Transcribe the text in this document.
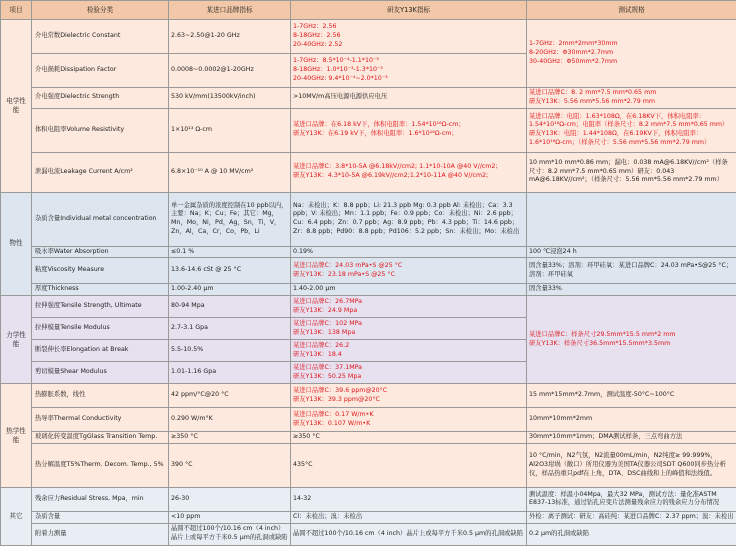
项目	检验分类	某进口品牌指标	研友Y13K指标	测试规格
电学性能	介电常数Dielectric Constant	2.63~2.50@1-20 GHz	1-7GHz：2.56
8-18GHz：2.56
20-40GHz: 2.52	1-7GHz：2mm*2mm*30mm
8-20GHz：Φ30mm*2.7mm
30-40GHz：Φ50mm*2.7mm

	介电损耗Dissipation Factor	0.0008~0.0002@1-20GHz	1-7GHz：8.5*10⁻⁴-1.1*10⁻³
8-18GHz：1.0*10⁻³-1.3*10⁻³
20-40GHz: 9.4*10⁻⁴~2.0*10⁻³	

	介电强度Dielectric Strength	530 kV/mm(13500kV/inch)	>10MV/m高压电源电源供应电压	某进口品牌C：8. 2 mm*7.5 mm*0.65 mm
研友Y13K：5.56 mm*5.56 mm*2.79 mm

	体积电阻率Volume Resistivity	1×10¹³ Ω-cm	某进口品牌：在6.18 kV下，体积电阻率：1.54*10¹⁶Ω-cm；
研友Y13K：在6.19 kV下，体积电阻率：1.6*10¹⁶Ω-cm；	某进口品牌：电阻：1.63*108Ω，在6.18KV下，体积电阻率：1.54*10¹⁶Ω-cm；电阻率（样条尺寸：8.2 mm*7.5 mm*0.65 mm）研友Y13K：电阻：1.44*108Ω，在6.19KV下，体积电阻率：1.6*10¹⁶Ω-cm；（样条尺寸：5.56 mm*5.56 mm*2.79 mm）
	泄漏电流Leakage Current A/cm²	6.8×10⁻¹⁰ A @ 10 MV/cm²	某进口品牌C：3.8*10-5A @6.18kV//cm2; 1.1*10-10A @40 V//cm2;
研友Y13K：4.3*10-5A @6.19kV//cm2;1.2*10-11A @40 V//cm2;	10 mm*10 mm*0.86 mm；漏电：0.038 mA@6.18KV//cm²（样条尺寸：8.2 mm*7.5 mm*0.65 mm）研友：0.043 mA@6.18KV//cm²；（样条尺寸：5.56 mm*5.56 mm*2.79 mm）
物性	杂质含量Individual metal concentration	单一金属杂质的浓度控制在10 ppb以内，主要：Na；K；Cu；Fe；其它：Mg，Mn，Mo，Ni，Pd，Ag，Sn，Ti，V，Zn，Al，Ca，Cr，Co，Pb，Li	Na：未检出；K：8.8 ppb；Li: 21.3 ppb Mg: 0.3 ppb Al: 未检出；Ca：3.3 ppb；V: 未检出；Mn：1.1 ppb；Fe：0.9 ppb；Co：未检出；Ni：2.6 ppb；Cu：6.4 ppb；Zn：0.7 ppb；Ag：8.9 ppb；Pb：4.3 ppb；Ti：14.6 ppb；Zr：8.8 ppb；Pd90：8.8 ppb；Pd106：5.2 ppb；Sn：未检出；Mo：未检出	
	吸水率Water Absorption	≤0.1 %	0.19%	100 ℃浸泡24 h
	粘度Viscosity Measure	13.6-14.6 cSt @ 25 °C	某进口品牌C：24.03 mPa•S @25 °C
研友Y13K：23.18 mPa•S @25 °C	固含量33%；溶剂：环甲硅氧：某进口品牌C：24.03 mPa•S@25 °C；溶剂：环甲硅氧
	厚度Thickness	1.00-2.40 μm	1.40-2.00 μm	固含量33%
力学性能	拉伸强度Tensile Strength, Ultimate	80-94 Mpa	某进口品牌C：26.7MPa
研友Y13K：24.9 Mpa	某进口品牌C：样条尺寸29.5mm*15.5 mm*2 mm
研友Y13K：样条尺寸36.5mm*15.5mm*3.5mm

	拉伸模量Tensile Modulus	2.7-3.1 Gpa	某进口品牌C：102 MPa
研友Y13K：138 Mpa	

	断裂伸长率Elongation at Break	5.5-10.5%	某进口品牌C：26.2
研友Y13K：18.4	

	剪切模量Shear Modulus	1.01-1.16 Gpa	某进口品牌C：37.1MPa
研友Y13K：50.25 Mpa	

热学性能	热膨胀系数，线性	42 ppm/°C@20 °C	某进口品牌C：39.6 ppm@20°C
研友Y13K：39.3 ppm@20°C	15 mm*15mm*2.7mm，测试温度-50°C~100°C
	热导率Thermal Conductivity	0.290 W/m°K	某进口品牌C：0.17 W/m•K
研友Y13K：0.107 W/m•K	10mm*10mm*2mm
	玻璃化转变温度TgGlass Transition Temp.	≥350 °C	≥350 °C	30mm*10mm*1mm；DMA测试样条，三点弯曲方法
	热分解温度T5%Therm. Decom. Temp., 5%	390 °C	435°C	10 °C/min，N2气氛，N2流量00mL/min，N2纯度≥ 99.999%，Al2O3坩埚（敞口）所用仪器为美国TA仪器公司SDT Q600同步热分析仪，样品热重只pdf在上角，DTA、DSC曲线和上的峰值和法线值。
其它	残余应力Residual Stress, Mpa，min	26-30	14-32	测试温度：样温小04Mpa，最大32 MPa，测试方法：量化准ASTM E837-13标准，通过钻孔应变片法测量残余应力的残余应力分布情况
	杂质含量	<10 ppm	Cl：未检出；溴：未检出	外检：离子测试：研友：高硅纯：某进口品牌C：2.37 ppm；溴：未检出
	附着力测量	晶圆不超过100个/10.16 cm（4 inch）晶片上或每平方千米0.5 μm的孔洞或缺陷	晶圆不超过100个/10.16 cm（4 inch）晶片上或每平方千米0.5 μm的孔洞或缺陷	0.2 μm的孔洞或缺陷
